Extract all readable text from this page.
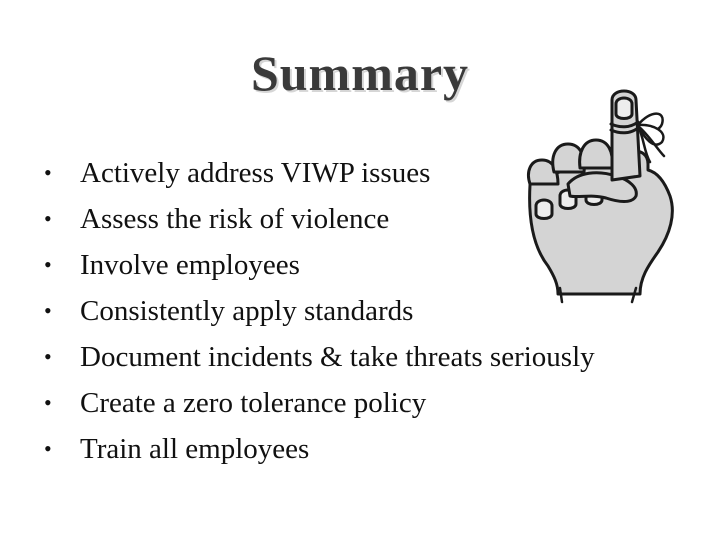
Summary
• Actively address VIWP issues
• Assess the risk of violence
• Involve employees
• Consistently apply standards
• Document incidents & take threats seriously
• Create a zero tolerance policy
• Train all employees
